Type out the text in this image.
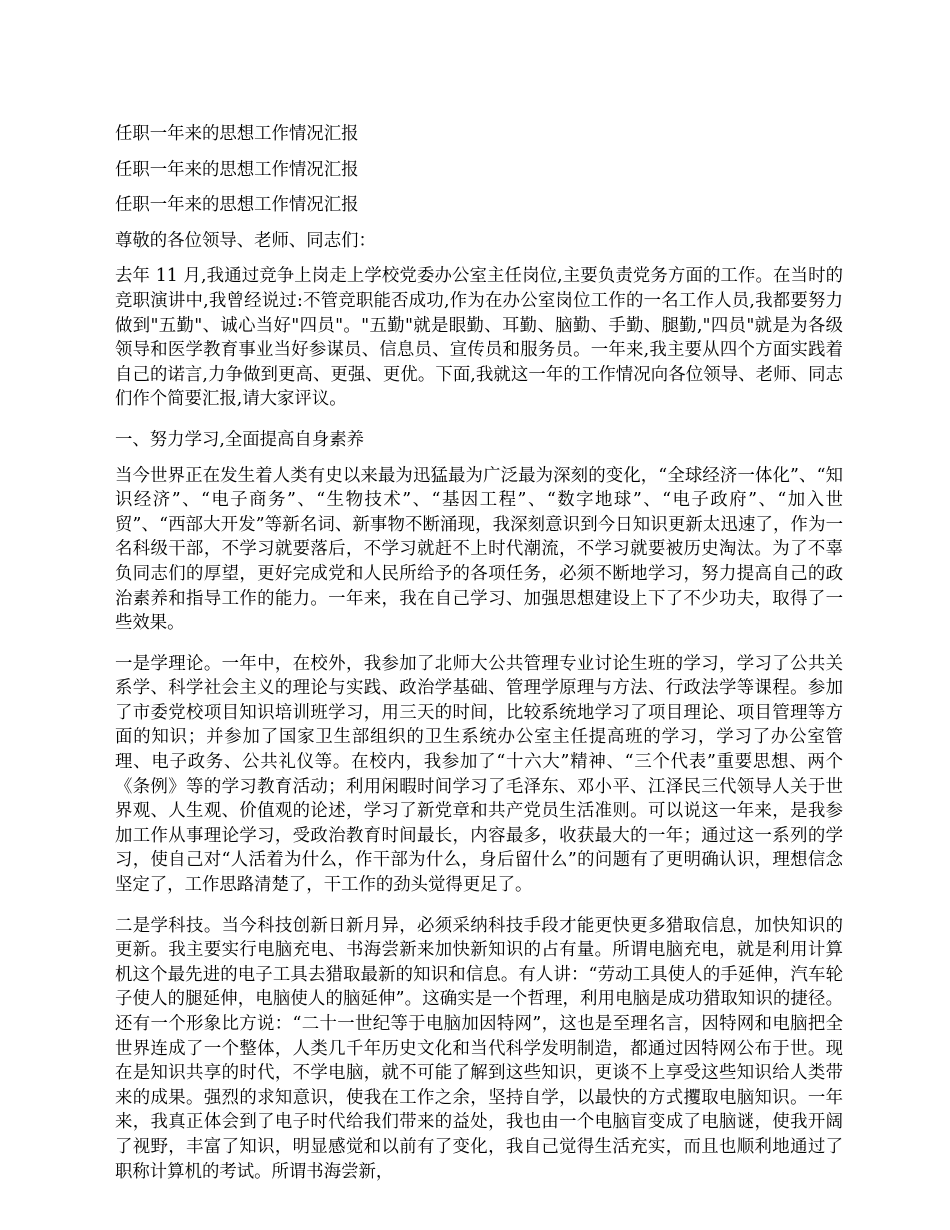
任职一年来的思想工作情况汇报

任职一年来的思想工作情况汇报

任职一年来的思想工作情况汇报

尊敬的各位领导、老师、同志们：

去年 11 月,我通过竞争上岗走上学校党委办公室主任岗位,主要负责党务方面的工作。在当时的竞职演讲中,我曾经说过:不管竞职能否成功,作为在办公室岗位工作的一名工作人员,我都要努力做到"五勤"、诚心当好"四员"。"五勤"就是眼勤、耳勤、脑勤、手勤、腿勤,"四员"就是为各级领导和医学教育事业当好参谋员、信息员、宣传员和服务员。一年来,我主要从四个方面实践着自己的诺言,力争做到更高、更强、更优。下面,我就这一年的工作情况向各位领导、老师、同志们作个简要汇报,请大家评议。

一、努力学习,全面提高自身素养

当今世界正在发生着人类有史以来最为迅猛最为广泛最为深刻的变化，“全球经济一体化”、“知识经济”、“电子商务”、“生物技术”、“基因工程”、“数字地球”、“电子政府”、“加入世贸”、“西部大开发”等新名词、新事物不断涌现，我深刻意识到今日知识更新太迅速了，作为一名科级干部，不学习就要落后，不学习就赶不上时代潮流，不学习就要被历史淘汰。为了不辜负同志们的厚望，更好完成党和人民所给予的各项任务，必须不断地学习，努力提高自己的政治素养和指导工作的能力。一年来，我在自己学习、加强思想建设上下了不少功夫，取得了一些效果。

一是学理论。一年中，在校外，我参加了北师大公共管理专业讨论生班的学习，学习了公共关系学、科学社会主义的理论与实践、政治学基础、管理学原理与方法、行政法学等课程。参加了市委党校项目知识培训班学习，用三天的时间，比较系统地学习了项目理论、项目管理等方面的知识；并参加了国家卫生部组织的卫生系统办公室主任提高班的学习，学习了办公室管理、电子政务、公共礼仪等。在校内，我参加了“十六大”精神、“三个代表”重要思想、两个《条例》等的学习教育活动；利用闲暇时间学习了毛泽东、邓小平、江泽民三代领导人关于世界观、人生观、价值观的论述，学习了新党章和共产党员生活准则。可以说这一年来，是我参加工作从事理论学习，受政治教育时间最长，内容最多，收获最大的一年；通过这一系列的学习，使自己对“人活着为什么，作干部为什么，身后留什么”的问题有了更明确认识，理想信念坚定了，工作思路清楚了，干工作的劲头觉得更足了。

二是学科技。当今科技创新日新月异，必须采纳科技手段才能更快更多猎取信息，加快知识的更新。我主要实行电脑充电、书海尝新来加快新知识的占有量。所谓电脑充电，就是利用计算机这个最先进的电子工具去猎取最新的知识和信息。有人讲：“劳动工具使人的手延伸，汽车轮子使人的腿延伸，电脑使人的脑延伸”。这确实是一个哲理，利用电脑是成功猎取知识的捷径。还有一个形象比方说：“二十一世纪等于电脑加因特网”，这也是至理名言，因特网和电脑把全世界连成了一个整体，人类几千年历史文化和当代科学发明制造，都通过因特网公布于世。现在是知识共享的时代，不学电脑，就不可能了解到这些知识，更谈不上享受这些知识给人类带来的成果。强烈的求知意识，使我在工作之余，坚持自学，以最快的方式攫取电脑知识。一年来，我真正体会到了电子时代给我们带来的益处，我也由一个电脑盲变成了电脑谜，使我开阔了视野，丰富了知识，明显感觉和以前有了变化，我自己觉得生活充实，而且也顺利地通过了职称计算机的考试。所谓书海尝新，
